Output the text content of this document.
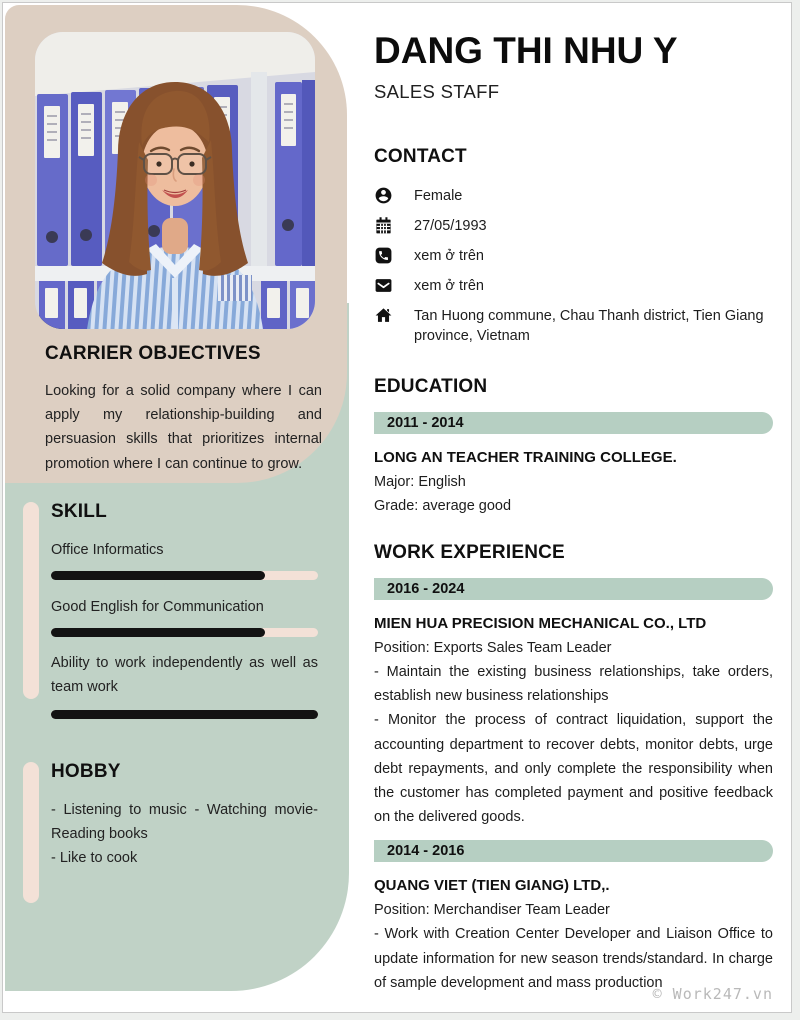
CARRIER OBJECTIVES

Looking for a solid company where I can apply my relationship-building and persuasion skills that prioritizes internal promotion where I can continue to grow.

SKILL
Office Informatics
Good English for Communication
Ability to work independently as well as team work
HOBBY

- Listening to music - Watching movie- Reading books

- Like to cook

DANG THI NHU Y
SALES STAFF
CONTACT
Female
27/05/1993
xem ở trên
xem ở trên
Tan Huong commune, Chau Thanh district, Tien Giang province, Vietnam
EDUCATION
2011 - 2014
LONG AN TEACHER TRAINING COLLEGE.
Major: English
Grade: average good
WORK EXPERIENCE
2016 - 2024
MIEN HUA PRECISION MECHANICAL CO., LTD
Position: Exports Sales Team Leader

- Maintain the existing business relationships, take orders, establish new business relationships

- Monitor the process of contract liquidation, support the accounting department to recover debts, monitor debts, urge debt repayments, and only complete the responsibility when the customer has completed payment and positive feedback on the delivered goods.

2014 - 2016
QUANG VIET (TIEN GIANG) LTD,.
Position: Merchandiser Team Leader

- Work with Creation Center Developer and Liaison Office to update information for new season trends/standard. In charge of sample development and mass production

© Work247.vn
